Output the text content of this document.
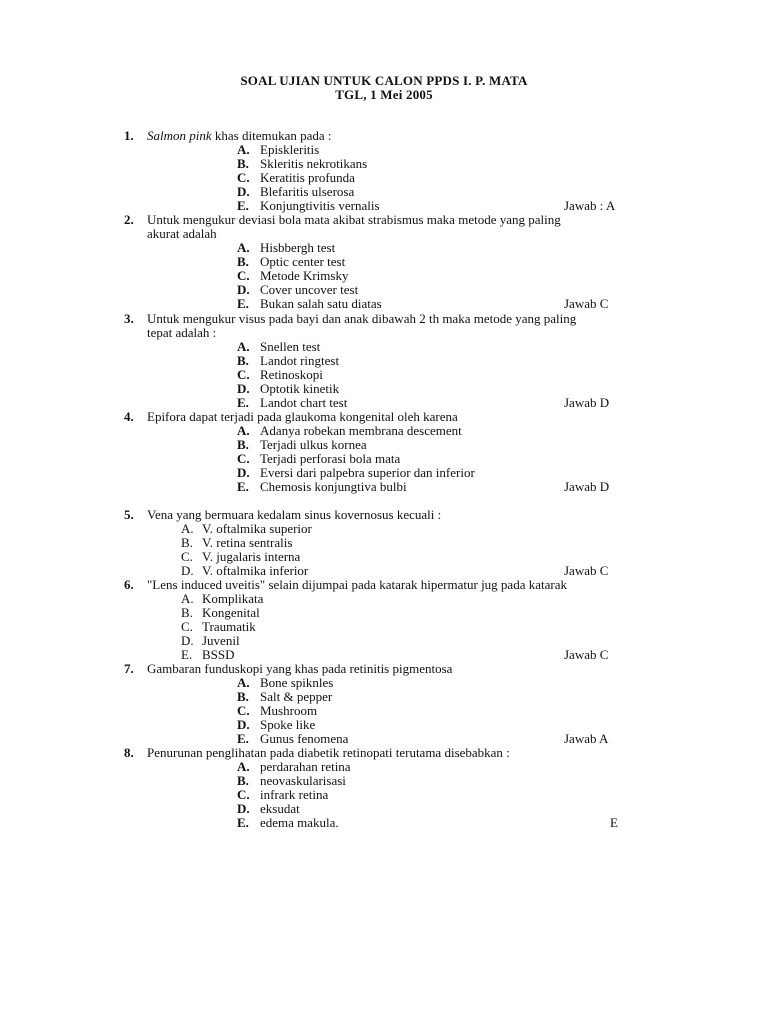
SOAL UJIAN UNTUK CALON PPDS I. P. MATA
TGL, 1 Mei 2005
1. Salmon pink khas ditemukan pada :
A. Episkleritis
B. Skleritis nekrotikans
C. Keratitis profunda
D. Blefaritis ulserosa
E. Konjungtivitis vernalis	Jawab : A
2. Untuk mengukur deviasi bola mata akibat strabismus maka metode yang paling
akurat adalah
A. Hisbbergh test
B. Optic center test
C. Metode Krimsky
D. Cover uncover test
E. Bukan salah satu diatas	Jawab C
3. Untuk mengukur visus pada bayi dan anak dibawah 2 th maka metode yang paling
tepat adalah :
A. Snellen test
B. Landot ringtest
C. Retinoskopi
D. Optotik kinetik
E. Landot chart test	Jawab D
4. Epifora dapat terjadi pada glaukoma kongenital oleh karena
A. Adanya robekan membrana descement
B. Terjadi ulkus kornea
C. Terjadi perforasi bola mata
D. Eversi dari palpebra superior dan inferior
E. Chemosis konjungtiva bulbi	Jawab D
5. Vena yang bermuara kedalam sinus kovernosus kecuali :
A. V. oftalmika superior
B. V. retina sentralis
C. V. jugalaris interna
D. V. oftalmika inferior	Jawab C
6. "Lens induced uveitis" selain dijumpai pada katarak hipermatur jug pada katarak
A. Komplikata
B. Kongenital
C. Traumatik
D. Juvenil
E. BSSD	Jawab C
7. Gambaran funduskopi yang khas pada retinitis pigmentosa
A. Bone spiknles
B. Salt & pepper
C. Mushroom
D. Spoke like
E. Gunus fenomena	Jawab A
8. Penurunan penglihatan pada diabetik retinopati terutama disebabkan :
A. perdarahan retina
B. neovaskularisasi
C. infrark retina
D. eksudat
E. edema makula.	E
